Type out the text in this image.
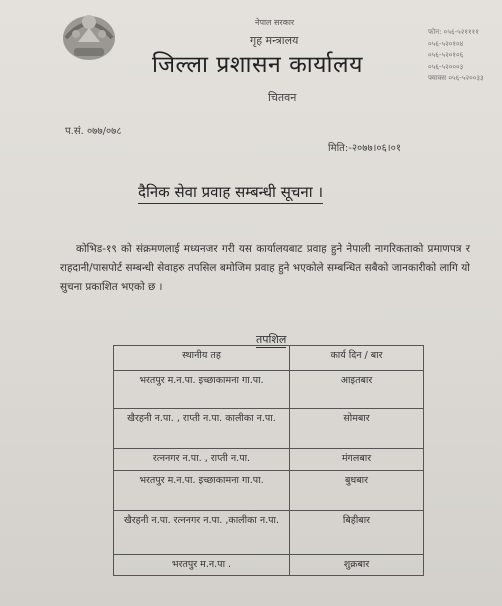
नेपाल सरकार
गृह मन्त्रालय
जिल्ला प्रशासन कार्यालय
चितवन
फोन: ०५६-५२११११
०५६-५२०१०४
०५६-५२०१०६
०५६-५२०००३
फ्याक्स ०५६-५२००३३
प.सं. ०७७/०७८
मिति:-२०७७।०६।०१
दैनिक सेवा प्रवाह सम्बन्धी सूचना ।
कोभिड-१९ को संक्रमणलाई मध्यनजर गरी यस कार्यालयबाट प्रवाह हुने नेपाली नागरिकताको प्रमाणपत्र र राहदानी/पासपोर्ट सम्बन्धी सेवाहरु तपसिल बमोजिम प्रवाह हुने भएकोले सम्बन्धित सबैको जानकारीको लागि यो सुचना प्रकाशित भएको छ ।
तपशिल
स्थानीय तह	कार्य दिन / बार
भरतपुर म.न.पा. इच्छाकामना गा.पा.	आइतबार
खैरहनी न.पा. , राप्ती न.पा. कालीका न.पा.	सोमबार
रत्ननगर न.पा. , राप्ती न.पा.	मंगलबार
भरतपुर म.न.पा. इच्छाकामना गा.पा.	बुधबार
खैरहनी न.पा. रत्ननगर न.पा. ,कालीका न.पा.	बिहीबार
भरतपुर म.न.पा .	शुक्रबार
